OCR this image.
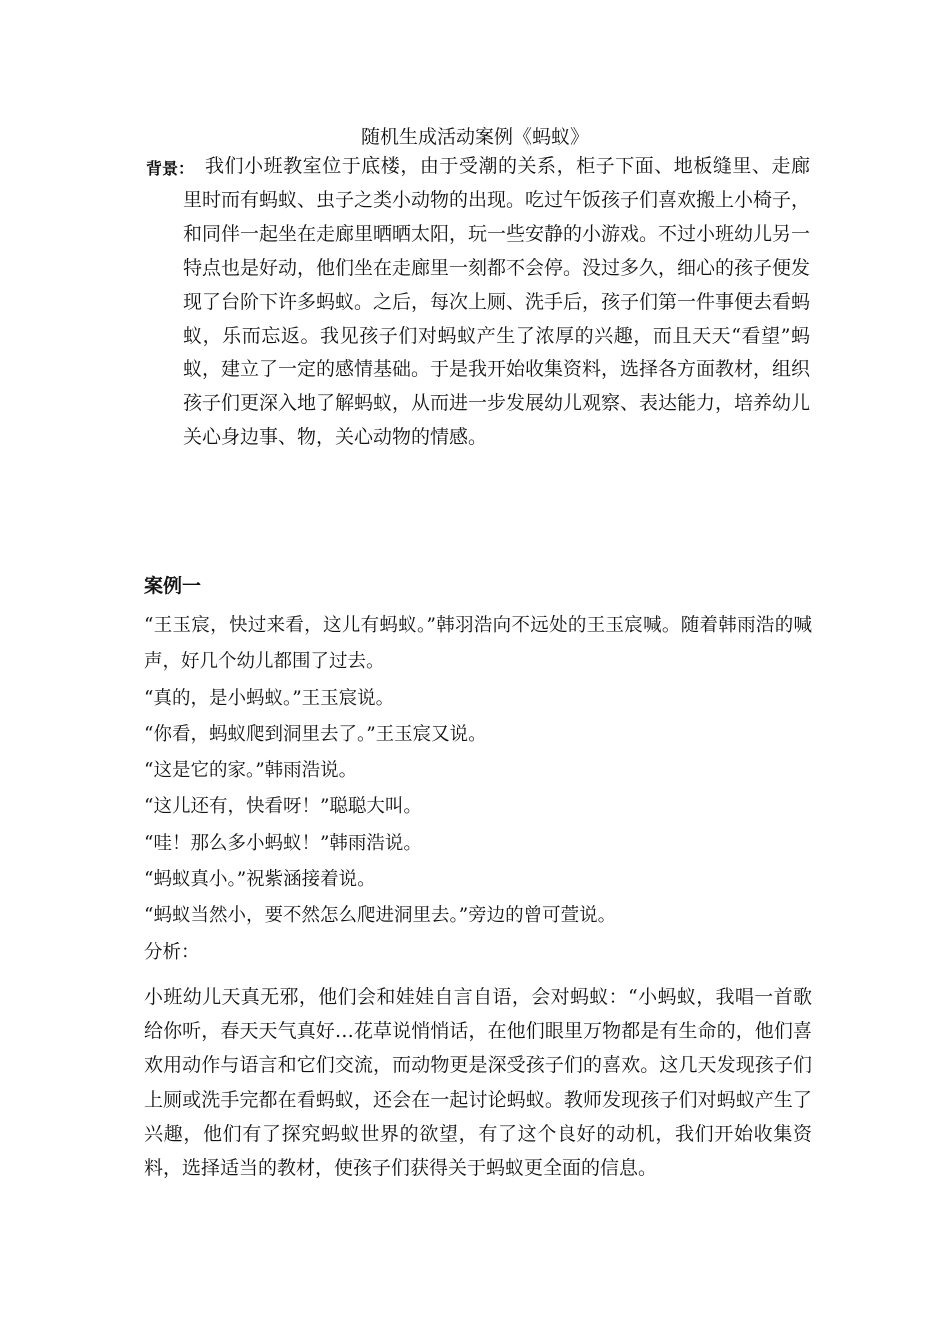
随机生成活动案例《蚂蚁》
背景： 我们小班教室位于底楼，由于受潮的关系，柜子下面、地板缝里、走廊里时而有蚂蚁、虫子之类小动物的出现。吃过午饭孩子们喜欢搬上小椅子，和同伴一起坐在走廊里晒晒太阳，玩一些安静的小游戏。不过小班幼儿另一特点也是好动，他们坐在走廊里一刻都不会停。没过多久，细心的孩子便发现了台阶下许多蚂蚁。之后，每次上厕、洗手后，孩子们第一件事便去看蚂蚁，乐而忘返。我见孩子们对蚂蚁产生了浓厚的兴趣，而且天天“看望”蚂蚁，建立了一定的感情基础。于是我开始收集资料，选择各方面教材，组织孩子们更深入地了解蚂蚁，从而进一步发展幼儿观察、表达能力，培养幼儿关心身边事、物，关心动物的情感。
案例一
“王玉宸，快过来看，这儿有蚂蚁。”韩羽浩向不远处的王玉宸喊。随着韩雨浩的喊声，好几个幼儿都围了过去。
“真的，是小蚂蚁。”王玉宸说。
“你看，蚂蚁爬到洞里去了。”王玉宸又说。
“这是它的家。”韩雨浩说。
“这儿还有，快看呀！”聪聪大叫。
“哇！那么多小蚂蚁！”韩雨浩说。
“蚂蚁真小。”祝紫涵接着说。
“蚂蚁当然小，要不然怎么爬进洞里去。”旁边的曾可萱说。
分析：
小班幼儿天真无邪，他们会和娃娃自言自语，会对蚂蚁：“小蚂蚁，我唱一首歌给你听，春天天气真好…花草说悄悄话，在他们眼里万物都是有生命的，他们喜欢用动作与语言和它们交流，而动物更是深受孩子们的喜欢。这几天发现孩子们上厕或洗手完都在看蚂蚁，还会在一起讨论蚂蚁。教师发现孩子们对蚂蚁产生了兴趣，他们有了探究蚂蚁世界的欲望，有了这个良好的动机，我们开始收集资料，选择适当的教材，使孩子们获得关于蚂蚁更全面的信息。
